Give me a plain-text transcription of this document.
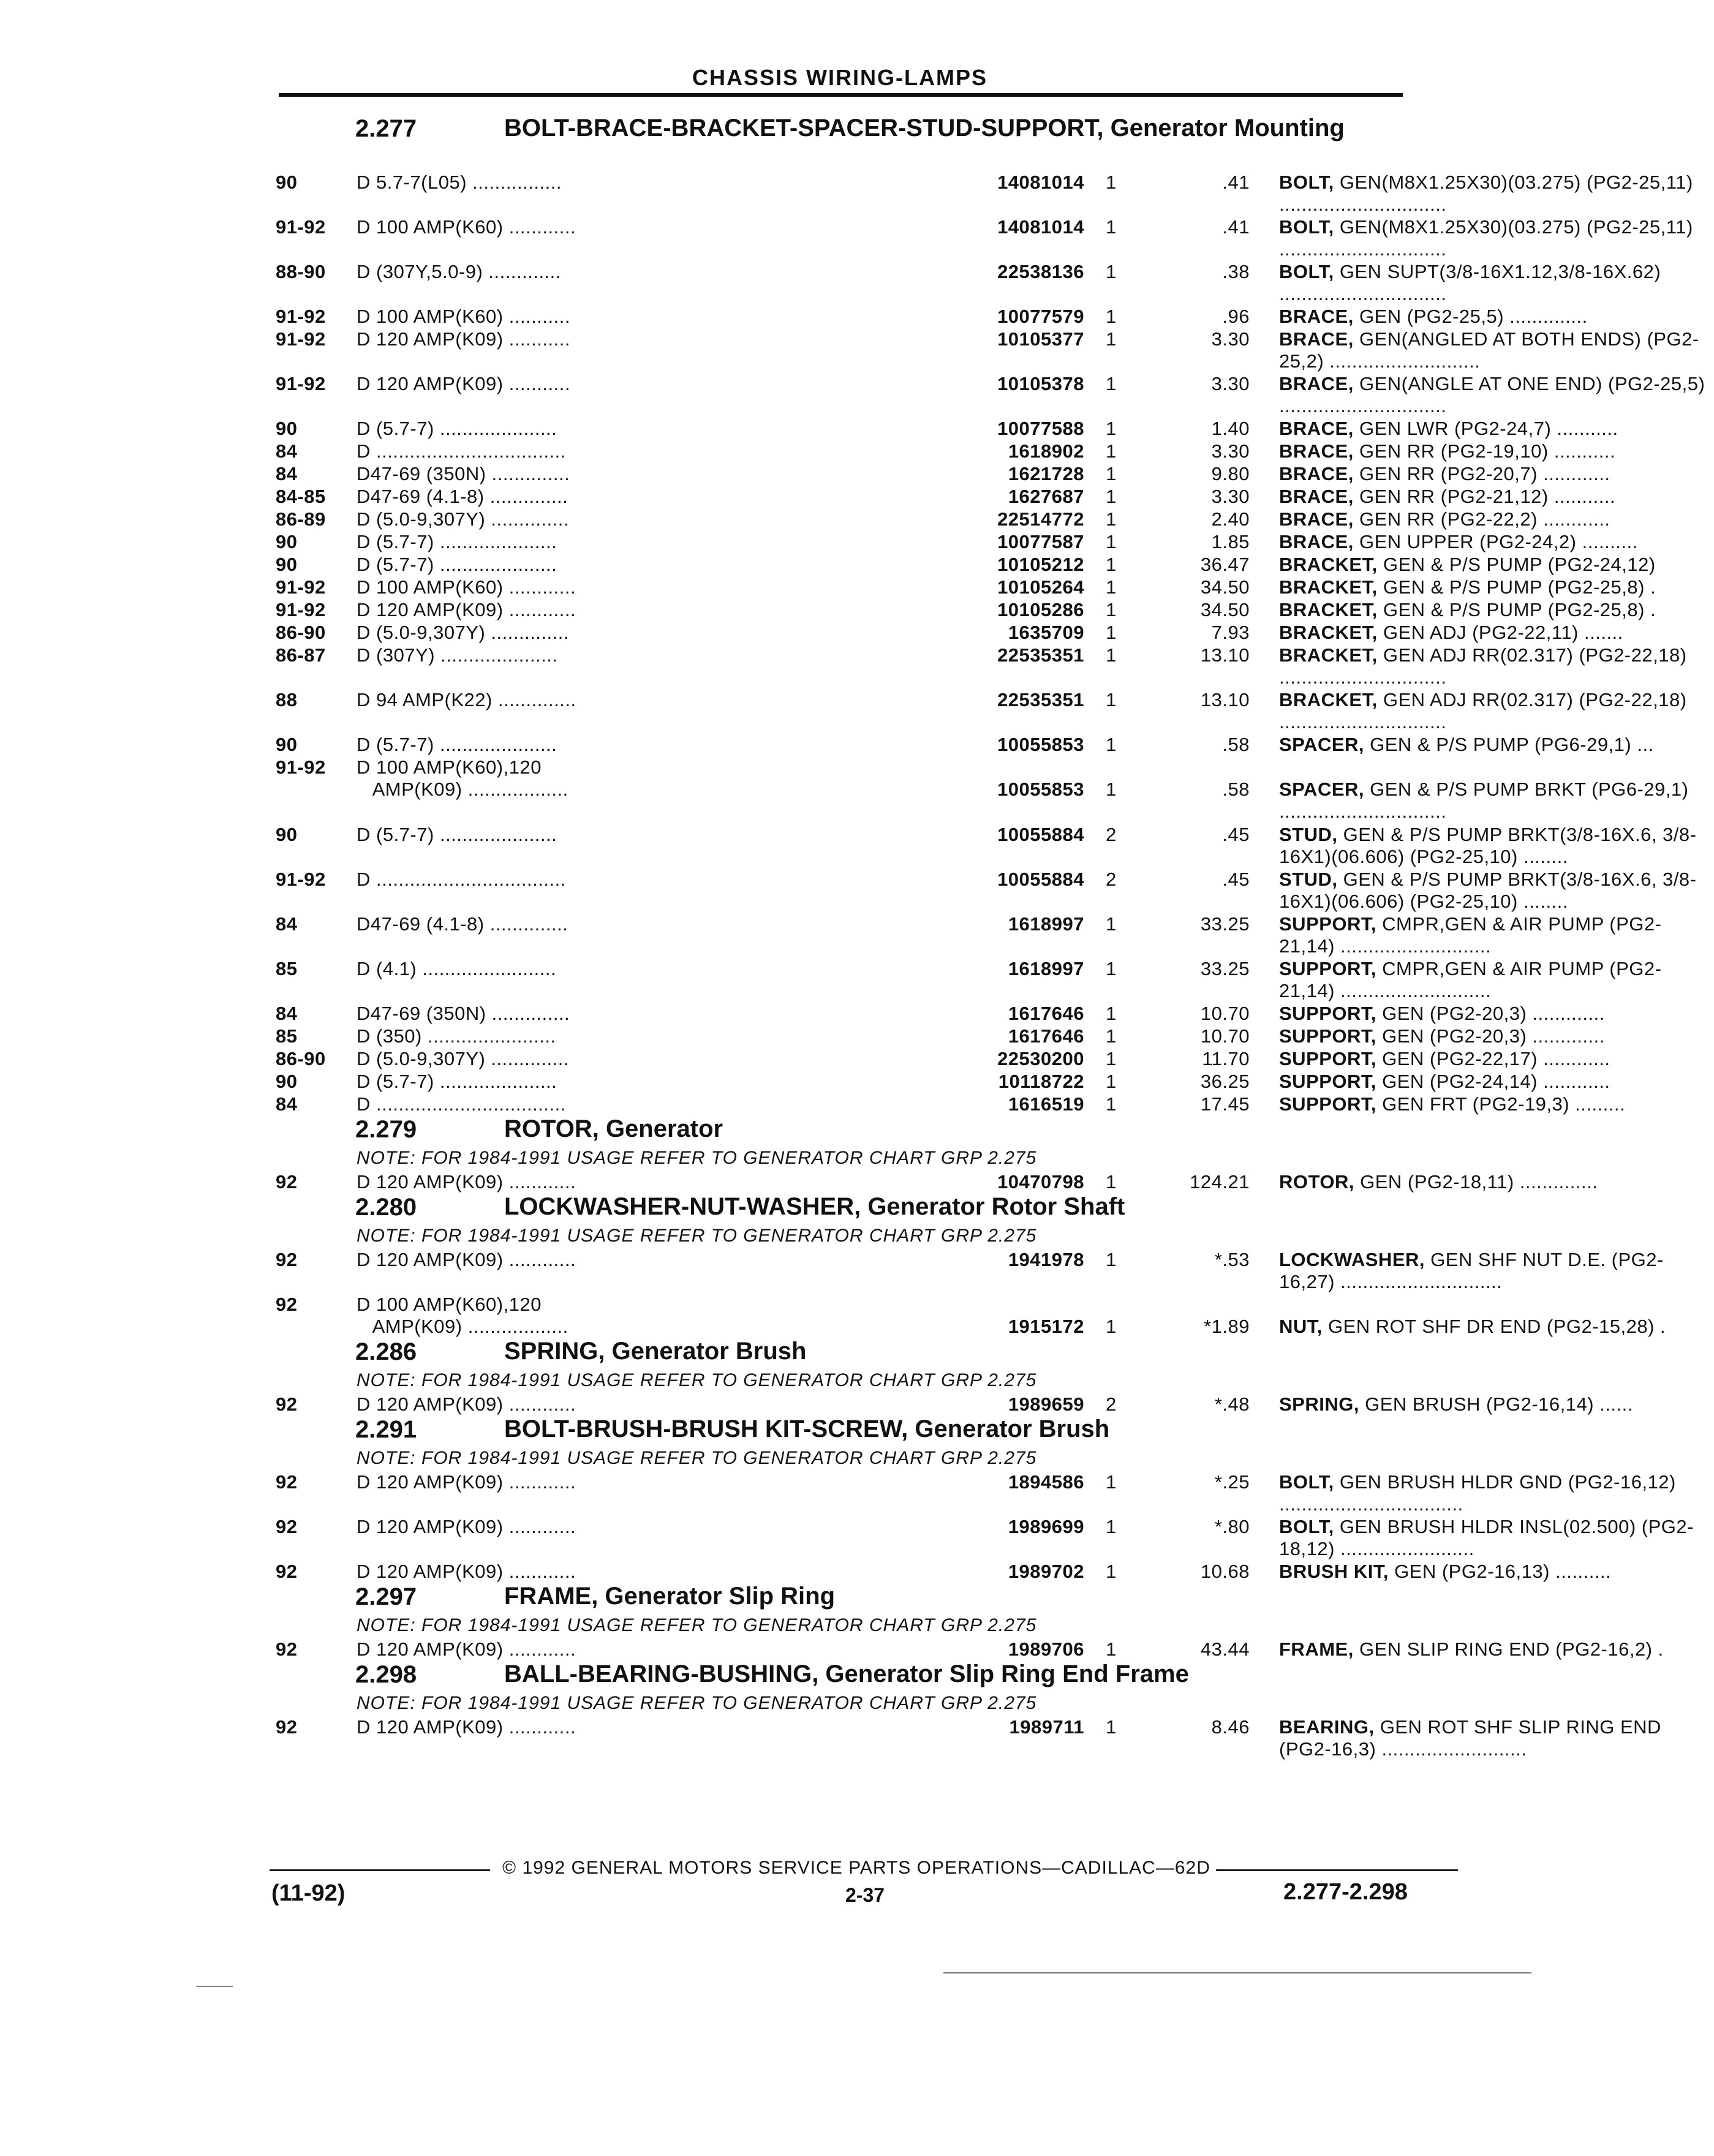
CHASSIS WIRING-LAMPS
2.277	BOLT-BRACE-BRACKET-SPACER-STUD-SUPPORT, Generator Mounting
90	D 5.7-7(L05) ................	14081014 1	.41 BOLT, GEN(M8X1.25X30)(03.275) (PG2-25,11) ..............................
91-92	D 100 AMP(K60) ............	14081014 1	.41 BOLT, GEN(M8X1.25X30)(03.275) (PG2-25,11) ..............................
88-90	D (307Y,5.0-9) .............	22538136 1	.38 BOLT, GEN SUPT(3/8-16X1.12,3/8-16X.62) ..............................
91-92	D 100 AMP(K60) ...........	10077579 1	.96 BRACE, GEN (PG2-25,5) ..............
91-92	D 120 AMP(K09) ...........	10105377 1	3.30 BRACE, GEN(ANGLED AT BOTH ENDS) (PG2-25,2) ...........................
91-92	D 120 AMP(K09) ...........	10105378 1	3.30 BRACE, GEN(ANGLE AT ONE END) (PG2-25,5) ..............................
90	D (5.7-7) .....................	10077588 1	1.40 BRACE, GEN LWR (PG2-24,7) ...........
84	D ..................................	1618902 1	3.30 BRACE, GEN RR (PG2-19,10) ...........
84	D47-69 (350N) ..............	1621728 1	9.80 BRACE, GEN RR (PG2-20,7) ............
84-85	D47-69 (4.1-8) ..............	1627687 1	3.30 BRACE, GEN RR (PG2-21,12) ...........
86-89	D (5.0-9,307Y) ..............	22514772 1	2.40 BRACE, GEN RR (PG2-22,2) ............
90	D (5.7-7) .....................	10077587 1	1.85 BRACE, GEN UPPER (PG2-24,2) ..........
90	D (5.7-7) .....................	10105212 1	36.47 BRACKET, GEN & P/S PUMP (PG2-24,12)
91-92	D 100 AMP(K60) ............	10105264 1	34.50 BRACKET, GEN & P/S PUMP (PG2-25,8) .
91-92	D 120 AMP(K09) ............	10105286 1	34.50 BRACKET, GEN & P/S PUMP (PG2-25,8) .
86-90	D (5.0-9,307Y) ..............	1635709 1	7.93 BRACKET, GEN ADJ (PG2-22,11) .......
86-87	D (307Y) .....................	22535351 1	13.10 BRACKET, GEN ADJ RR(02.317) (PG2-22,18) ..............................
88	D 94 AMP(K22) ..............	22535351 1	13.10 BRACKET, GEN ADJ RR(02.317) (PG2-22,18) ..............................
90	D (5.7-7) .....................	10055853 1	.58 SPACER, GEN & P/S PUMP (PG6-29,1) ...
91-92	D 100 AMP(K60),120
AMP(K09) ..................	10055853 1	.58 SPACER, GEN & P/S PUMP BRKT (PG6-29,1) ..............................
90	D (5.7-7) .....................	10055884 2	.45 STUD, GEN & P/S PUMP BRKT(3/8-16X.6, 3/8-16X1)(06.606) (PG2-25,10) ........
91-92	D ..................................	10055884 2	.45 STUD, GEN & P/S PUMP BRKT(3/8-16X.6, 3/8-16X1)(06.606) (PG2-25,10) ........
84	D47-69 (4.1-8) ..............	1618997 1	33.25 SUPPORT, CMPR,GEN & AIR PUMP (PG2-21,14) ...........................
85	D (4.1) ........................	1618997 1	33.25 SUPPORT, CMPR,GEN & AIR PUMP (PG2-21,14) ...........................
84	D47-69 (350N) ..............	1617646 1	10.70 SUPPORT, GEN (PG2-20,3) .............
85	D (350) .......................	1617646 1	10.70 SUPPORT, GEN (PG2-20,3) .............
86-90	D (5.0-9,307Y) ..............	22530200 1	11.70 SUPPORT, GEN (PG2-22,17) ............
90	D (5.7-7) .....................	10118722 1	36.25 SUPPORT, GEN (PG2-24,14) ............
84	D ..................................	1616519 1	17.45 SUPPORT, GEN FRT (PG2-19,3) .........
2.279	ROTOR, Generator
NOTE: FOR 1984-1991 USAGE REFER TO GENERATOR CHART GRP 2.275
92	D 120 AMP(K09) ............	10470798 1	124.21 ROTOR, GEN (PG2-18,11) ..............
2.280	LOCKWASHER-NUT-WASHER, Generator Rotor Shaft
NOTE: FOR 1984-1991 USAGE REFER TO GENERATOR CHART GRP 2.275
92	D 120 AMP(K09) ............	1941978 1	*.53 LOCKWASHER, GEN SHF NUT D.E. (PG2-16,27) .............................
92	D 100 AMP(K60),120
AMP(K09) ..................	1915172 1	*1.89 NUT, GEN ROT SHF DR END (PG2-15,28) .
2.286	SPRING, Generator Brush
NOTE: FOR 1984-1991 USAGE REFER TO GENERATOR CHART GRP 2.275
92	D 120 AMP(K09) ............	1989659 2	*.48 SPRING, GEN BRUSH (PG2-16,14) ......
2.291	BOLT-BRUSH-BRUSH KIT-SCREW, Generator Brush
NOTE: FOR 1984-1991 USAGE REFER TO GENERATOR CHART GRP 2.275
92	D 120 AMP(K09) ............	1894586 1	*.25 BOLT, GEN BRUSH HLDR GND (PG2-16,12) .................................
92	D 120 AMP(K09) ............	1989699 1	*.80 BOLT, GEN BRUSH HLDR INSL(02.500) (PG2-18,12) ........................
92	D 120 AMP(K09) ............	1989702 1	10.68 BRUSH KIT, GEN (PG2-16,13) ..........
2.297	FRAME, Generator Slip Ring
NOTE: FOR 1984-1991 USAGE REFER TO GENERATOR CHART GRP 2.275
92	D 120 AMP(K09) ............	1989706 1	43.44 FRAME, GEN SLIP RING END (PG2-16,2) .
2.298	BALL-BEARING-BUSHING, Generator Slip Ring End Frame
NOTE: FOR 1984-1991 USAGE REFER TO GENERATOR CHART GRP 2.275
92	D 120 AMP(K09) ............	1989711 1	8.46 BEARING, GEN ROT SHF SLIP RING END (PG2-16,3) ..........................
© 1992 GENERAL MOTORS SERVICE PARTS OPERATIONS—CADILLAC—62D
(11-92)	2-37	2.277-2.298
